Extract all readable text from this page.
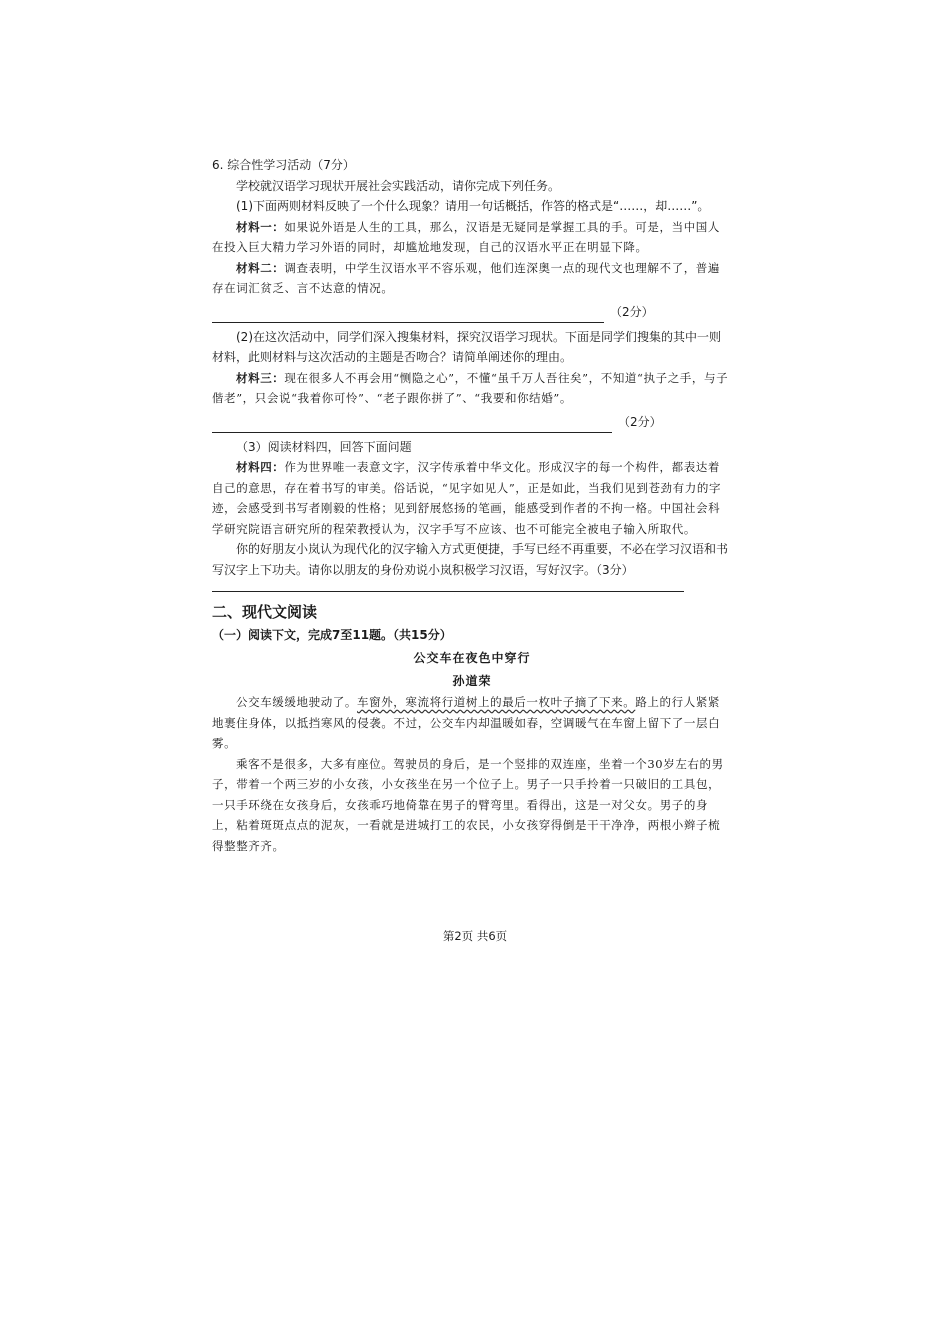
6. 综合性学习活动（7分）

学校就汉语学习现状开展社会实践活动，请你完成下列任务。

(1)下面两则材料反映了一个什么现象？请用一句话概括，作答的格式是“……，却……”。

材料一：如果说外语是人生的工具，那么，汉语是无疑同是掌握工具的手。可是，当中国人在投入巨大精力学习外语的同时，却尴尬地发现，自己的汉语水平正在明显下降。

材料二：调查表明，中学生汉语水平不容乐观，他们连深奥一点的现代文也理解不了，普遍存在词汇贫乏、言不达意的情况。

（2分）

(2)在这次活动中，同学们深入搜集材料，探究汉语学习现状。下面是同学们搜集的其中一则材料，此则材料与这次活动的主题是否吻合？请简单阐述你的理由。

材料三：现在很多人不再会用“恻隐之心”，不懂“虽千万人吾往矣”，不知道“执子之手，与子偕老”，只会说“我着你可怜”、“老子跟你拼了”、“我要和你结婚”。

（2分）

（3）阅读材料四，回答下面问题

材料四：作为世界唯一表意文字，汉字传承着中华文化。形成汉字的每一个构件，都表达着自己的意思，存在着书写的审美。俗话说，“见字如见人”，正是如此，当我们见到苍劲有力的字迹，会感受到书写者刚毅的性格；见到舒展悠扬的笔画，能感受到作者的不拘一格。中国社会科学研究院语言研究所的程荣教授认为，汉字手写不应该、也不可能完全被电子输入所取代。

你的好朋友小岚认为现代化的汉字输入方式更便捷，手写已经不再重要，不必在学习汉语和书写汉字上下功夫。请你以朋友的身份劝说小岚积极学习汉语，写好汉字。（3分）

二、现代文阅读

（一）阅读下文，完成7至11题。（共15分）

公交车在夜色中穿行

孙道荣

公交车缓缓地驶动了。车窗外，寒流将行道树上的最后一枚叶子摘了下来。路上的行人紧紧地裹住身体，以抵挡寒风的侵袭。不过，公交车内却温暖如春，空调暖气在车窗上留下了一层白雾。

乘客不是很多，大多有座位。驾驶员的身后，是一个竖排的双连座，坐着一个30岁左右的男子，带着一个两三岁的小女孩，小女孩坐在另一个位子上。男子一只手拎着一只破旧的工具包，一只手环绕在女孩身后，女孩乖巧地倚靠在男子的臂弯里。看得出，这是一对父女。男子的身上，粘着斑斑点点的泥灰，一看就是进城打工的农民，小女孩穿得倒是干干净净，两根小辫子梳得整整齐齐。

第2页 共6页
